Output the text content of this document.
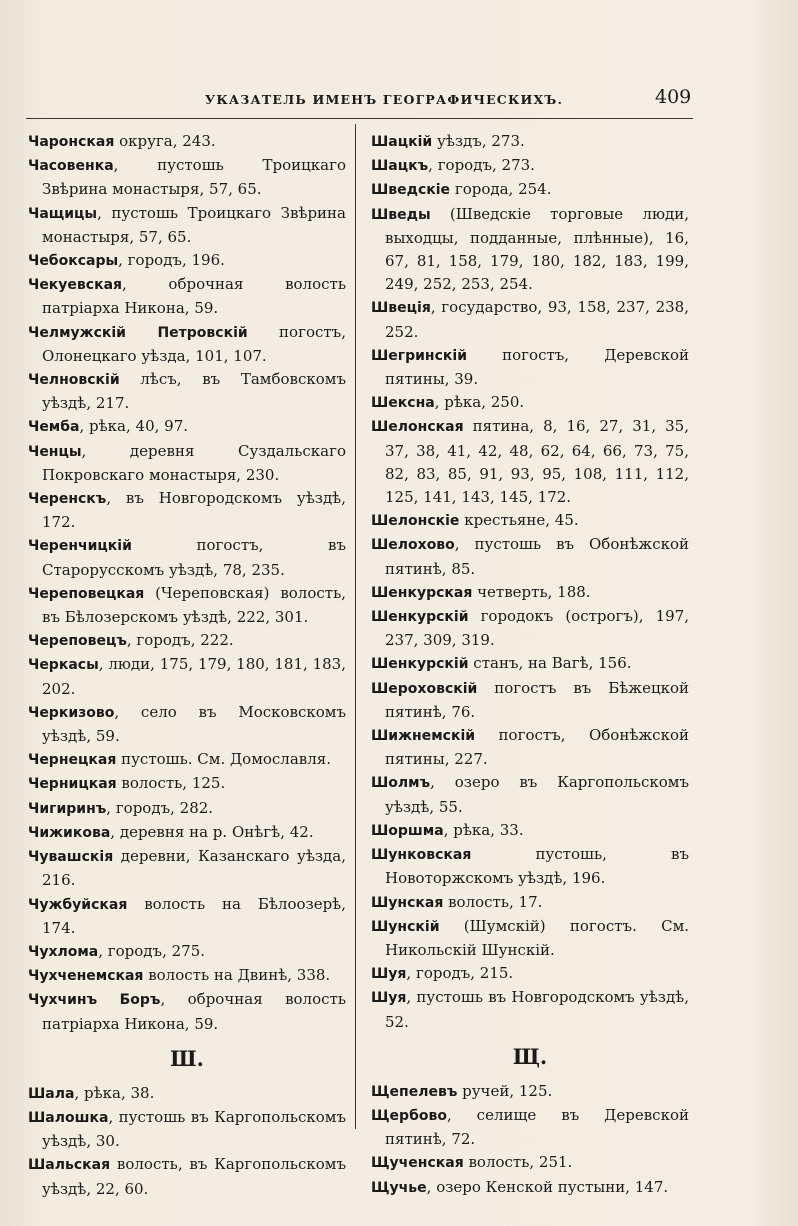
УКАЗАТЕЛЬ ИМЕНЪ ГЕОГРАФИЧЕСКИХЪ.	409

Чаронская округа, 243.

Часовенка, пустошь Троицкаго Звѣрина монастыря, 57, 65.

Чащицы, пустошь Троицкаго Звѣрина монастыря, 57, 65.

Чебоксары, городъ, 196.

Чекуевская, оброчная волость патріарха Никона, 59.

Челмужскій Петровскій погостъ, Олонецкаго уѣзда, 101, 107.

Челновскій лѣсъ, въ Тамбовскомъ уѣздѣ, 217.

Чемба, рѣка, 40, 97.

Ченцы, деревня Суздальскаго Покровскаго монастыря, 230.

Черенскъ, въ Новгородскомъ уѣздѣ, 172.

Черенчицкій погостъ, въ Старорусскомъ уѣздѣ, 78, 235.

Череповецкая (Череповская) волость, въ Бѣлозерскомъ уѣздѣ, 222, 301.

Череповецъ, городъ, 222.

Черкасы, люди, 175, 179, 180, 181, 183, 202.

Черкизово, село въ Московскомъ уѣздѣ, 59.

Чернецкая пустошь. См. Домославля.

Черницкая волость, 125.

Чигиринъ, городъ, 282.

Чижикова, деревня на р. Онѣгѣ, 42.

Чувашскія деревни, Казанскаго уѣзда, 216.

Чужбуйская волость на Бѣлоозерѣ, 174.

Чухлома, городъ, 275.

Чухченемская волость на Двинѣ, 338.

Чухчинъ Боръ, оброчная волость патріарха Никона, 59.

Ш.

Шала, рѣка, 38.

Шалошка, пустошь въ Каргопольскомъ уѣздѣ, 30.

Шальская волость, въ Каргопольскомъ уѣздѣ, 22, 60.

Шацкій уѣздъ, 273.

Шацкъ, городъ, 273.

Шведскіе города, 254.

Шведы (Шведскіе торговые люди, выходцы, подданные, плѣнные), 16, 67, 81, 158, 179, 180, 182, 183, 199, 249, 252, 253, 254.

Швеція, государство, 93, 158, 237, 238, 252.

Шегринскій погостъ, Деревской пятины, 39.

Шексна, рѣка, 250.

Шелонская пятина, 8, 16, 27, 31, 35, 37, 38, 41, 42, 48, 62, 64, 66, 73, 75, 82, 83, 85, 91, 93, 95, 108, 111, 112, 125, 141, 143, 145, 172.

Шелонскіе крестьяне, 45.

Шелохово, пустошь въ Обонѣжской пятинѣ, 85.

Шенкурская четверть, 188.

Шенкурскій городокъ (острогъ), 197, 237, 309, 319.

Шенкурскій станъ, на Вагѣ, 156.

Шероховскій погостъ въ Бѣжецкой пятинѣ, 76.

Шижнемскій погостъ, Обонѣжской пятины, 227.

Шолмъ, озеро въ Каргопольскомъ уѣздѣ, 55.

Шоршма, рѣка, 33.

Шунковская пустошь, въ Новоторжскомъ уѣздѣ, 196.

Шунская волость, 17.

Шунскій (Шумскій) погостъ. См. Никольскій Шунскій.

Шуя, городъ, 215.

Шуя, пустошь въ Новгородскомъ уѣздѣ, 52.

Щ.

Щепелевъ ручей, 125.

Щербово, селище въ Деревской пятинѣ, 72.

Щученская волость, 251.

Щучье, озеро Кенской пустыни, 147.
